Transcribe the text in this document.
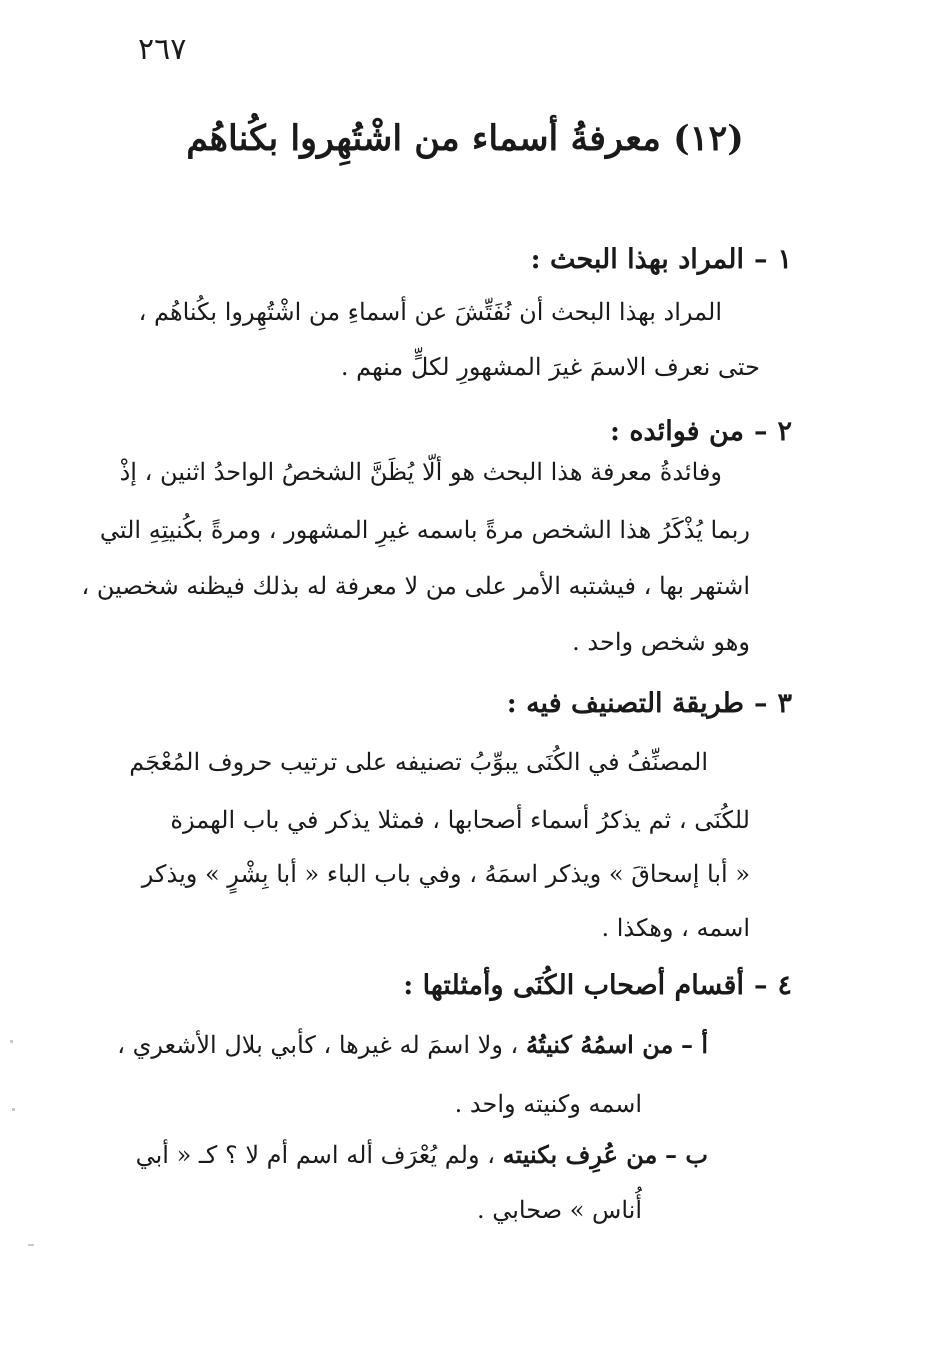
٢٦٧
(١٢) معرفةُ أسماء من اشْتُهِروا بكُناهُم
١
–
المراد بهذا البحث :
المراد بهذا البحث أن نُفَتِّشَ عن أسماءِ من اشْتُهِروا بكُناهُم ،
حتى نعرف الاسمَ غيرَ المشهورِ لكلٍّ منهم .
٢
–
من فوائده :
وفائدةُ معرفة هذا البحث هو ألّا يُظَنَّ الشخصُ الواحدُ اثنين ، إذْ
ربما يُذْكَرُ هذا الشخص مرةً باسمه غيرِ المشهور ، ومرةً بكُنيتِهِ التي
اشتهر بها ، فيشتبه الأمر على من لا معرفة له بذلك فيظنه شخصين ،
وهو شخص واحد .
٣
–
طريقة التصنيف فيه :
المصنِّفُ في الكُنَى يبوِّبُ تصنيفه على ترتيب حروف المُعْجَم
للكُنَى ، ثم يذكرُ أسماء أصحابها ، فمثلا يذكر في باب الهمزة
« أبا إسحاقَ » ويذكر اسمَهُ ، وفي باب الباء « أبا بِشْرٍ » ويذكر
اسمه ، وهكذا .
٤
–
أقسام أصحاب الكُنَى وأمثلتها :
أ – من اسمُهُ كنيتُهُ ، ولا اسمَ له غيرها ، كأبي بلال الأشعري ،
اسمه وكنيته واحد .
ب – من عُرِف بكنيته ، ولم يُعْرَف أله اسم أم لا ؟ كـ « أبي
أُناس » صحابي .
